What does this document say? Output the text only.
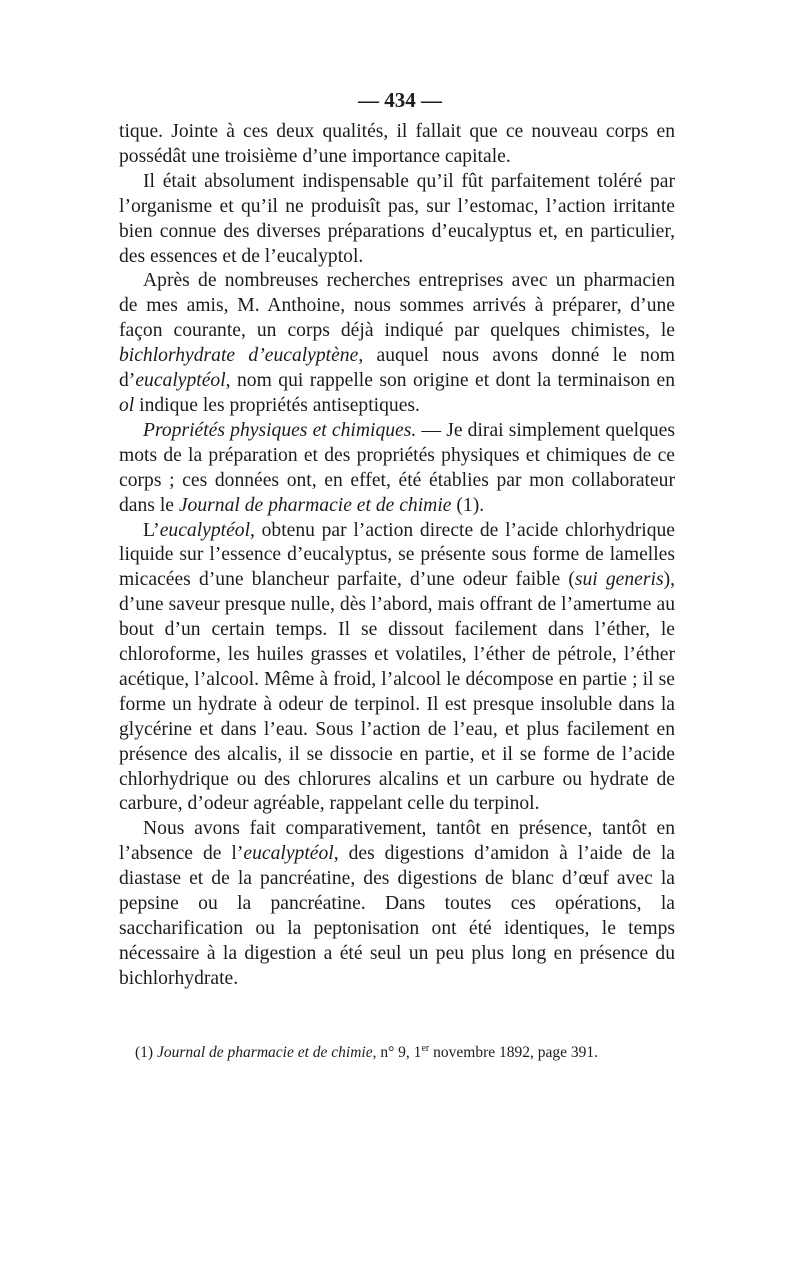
— 434 —

tique. Jointe à ces deux qualités, il fallait que ce nouveau corps en possédât une troisième d’une importance capitale.

Il était absolument indispensable qu’il fût parfaitement toléré par l’organisme et qu’il ne produisît pas, sur l’estomac, l’action irritante bien connue des diverses préparations d’eucalyptus et, en particulier, des essences et de l’eucalyptol.

Après de nombreuses recherches entreprises avec un pharmacien de mes amis, M. Anthoine, nous sommes arrivés à préparer, d’une façon courante, un corps déjà indiqué par quelques chimistes, le bichlorhydrate d’eucalyptène, auquel nous avons donné le nom d’eucalyptéol, nom qui rappelle son origine et dont la terminaison en ol indique les propriétés antiseptiques.

Propriétés physiques et chimiques. — Je dirai simplement quelques mots de la préparation et des propriétés physiques et chimiques de ce corps ; ces données ont, en effet, été établies par mon collaborateur dans le Journal de pharmacie et de chimie (1).

L’eucalyptéol, obtenu par l’action directe de l’acide chlorhydrique liquide sur l’essence d’eucalyptus, se présente sous forme de lamelles micacées d’une blancheur parfaite, d’une odeur faible (sui generis), d’une saveur presque nulle, dès l’abord, mais offrant de l’amertume au bout d’un certain temps. Il se dissout facilement dans l’éther, le chloroforme, les huiles grasses et volatiles, l’éther de pétrole, l’éther acétique, l’alcool. Même à froid, l’alcool le décompose en partie ; il se forme un hydrate à odeur de terpinol. Il est presque insoluble dans la glycérine et dans l’eau. Sous l’action de l’eau, et plus facilement en présence des alcalis, il se dissocie en partie, et il se forme de l’acide chlorhydrique ou des chlorures alcalins et un carbure ou hydrate de carbure, d’odeur agréable, rappelant celle du terpinol.

Nous avons fait comparativement, tantôt en présence, tantôt en l’absence de l’eucalyptéol, des digestions d’amidon à l’aide de la diastase et de la pancréatine, des digestions de blanc d’œuf avec la pepsine ou la pancréatine. Dans toutes ces opérations, la saccharification ou la peptonisation ont été identiques, le temps nécessaire à la digestion a été seul un peu plus long en présence du bichlorhydrate.

(1) Journal de pharmacie et de chimie, n° 9, 1er novembre 1892, page 391.
